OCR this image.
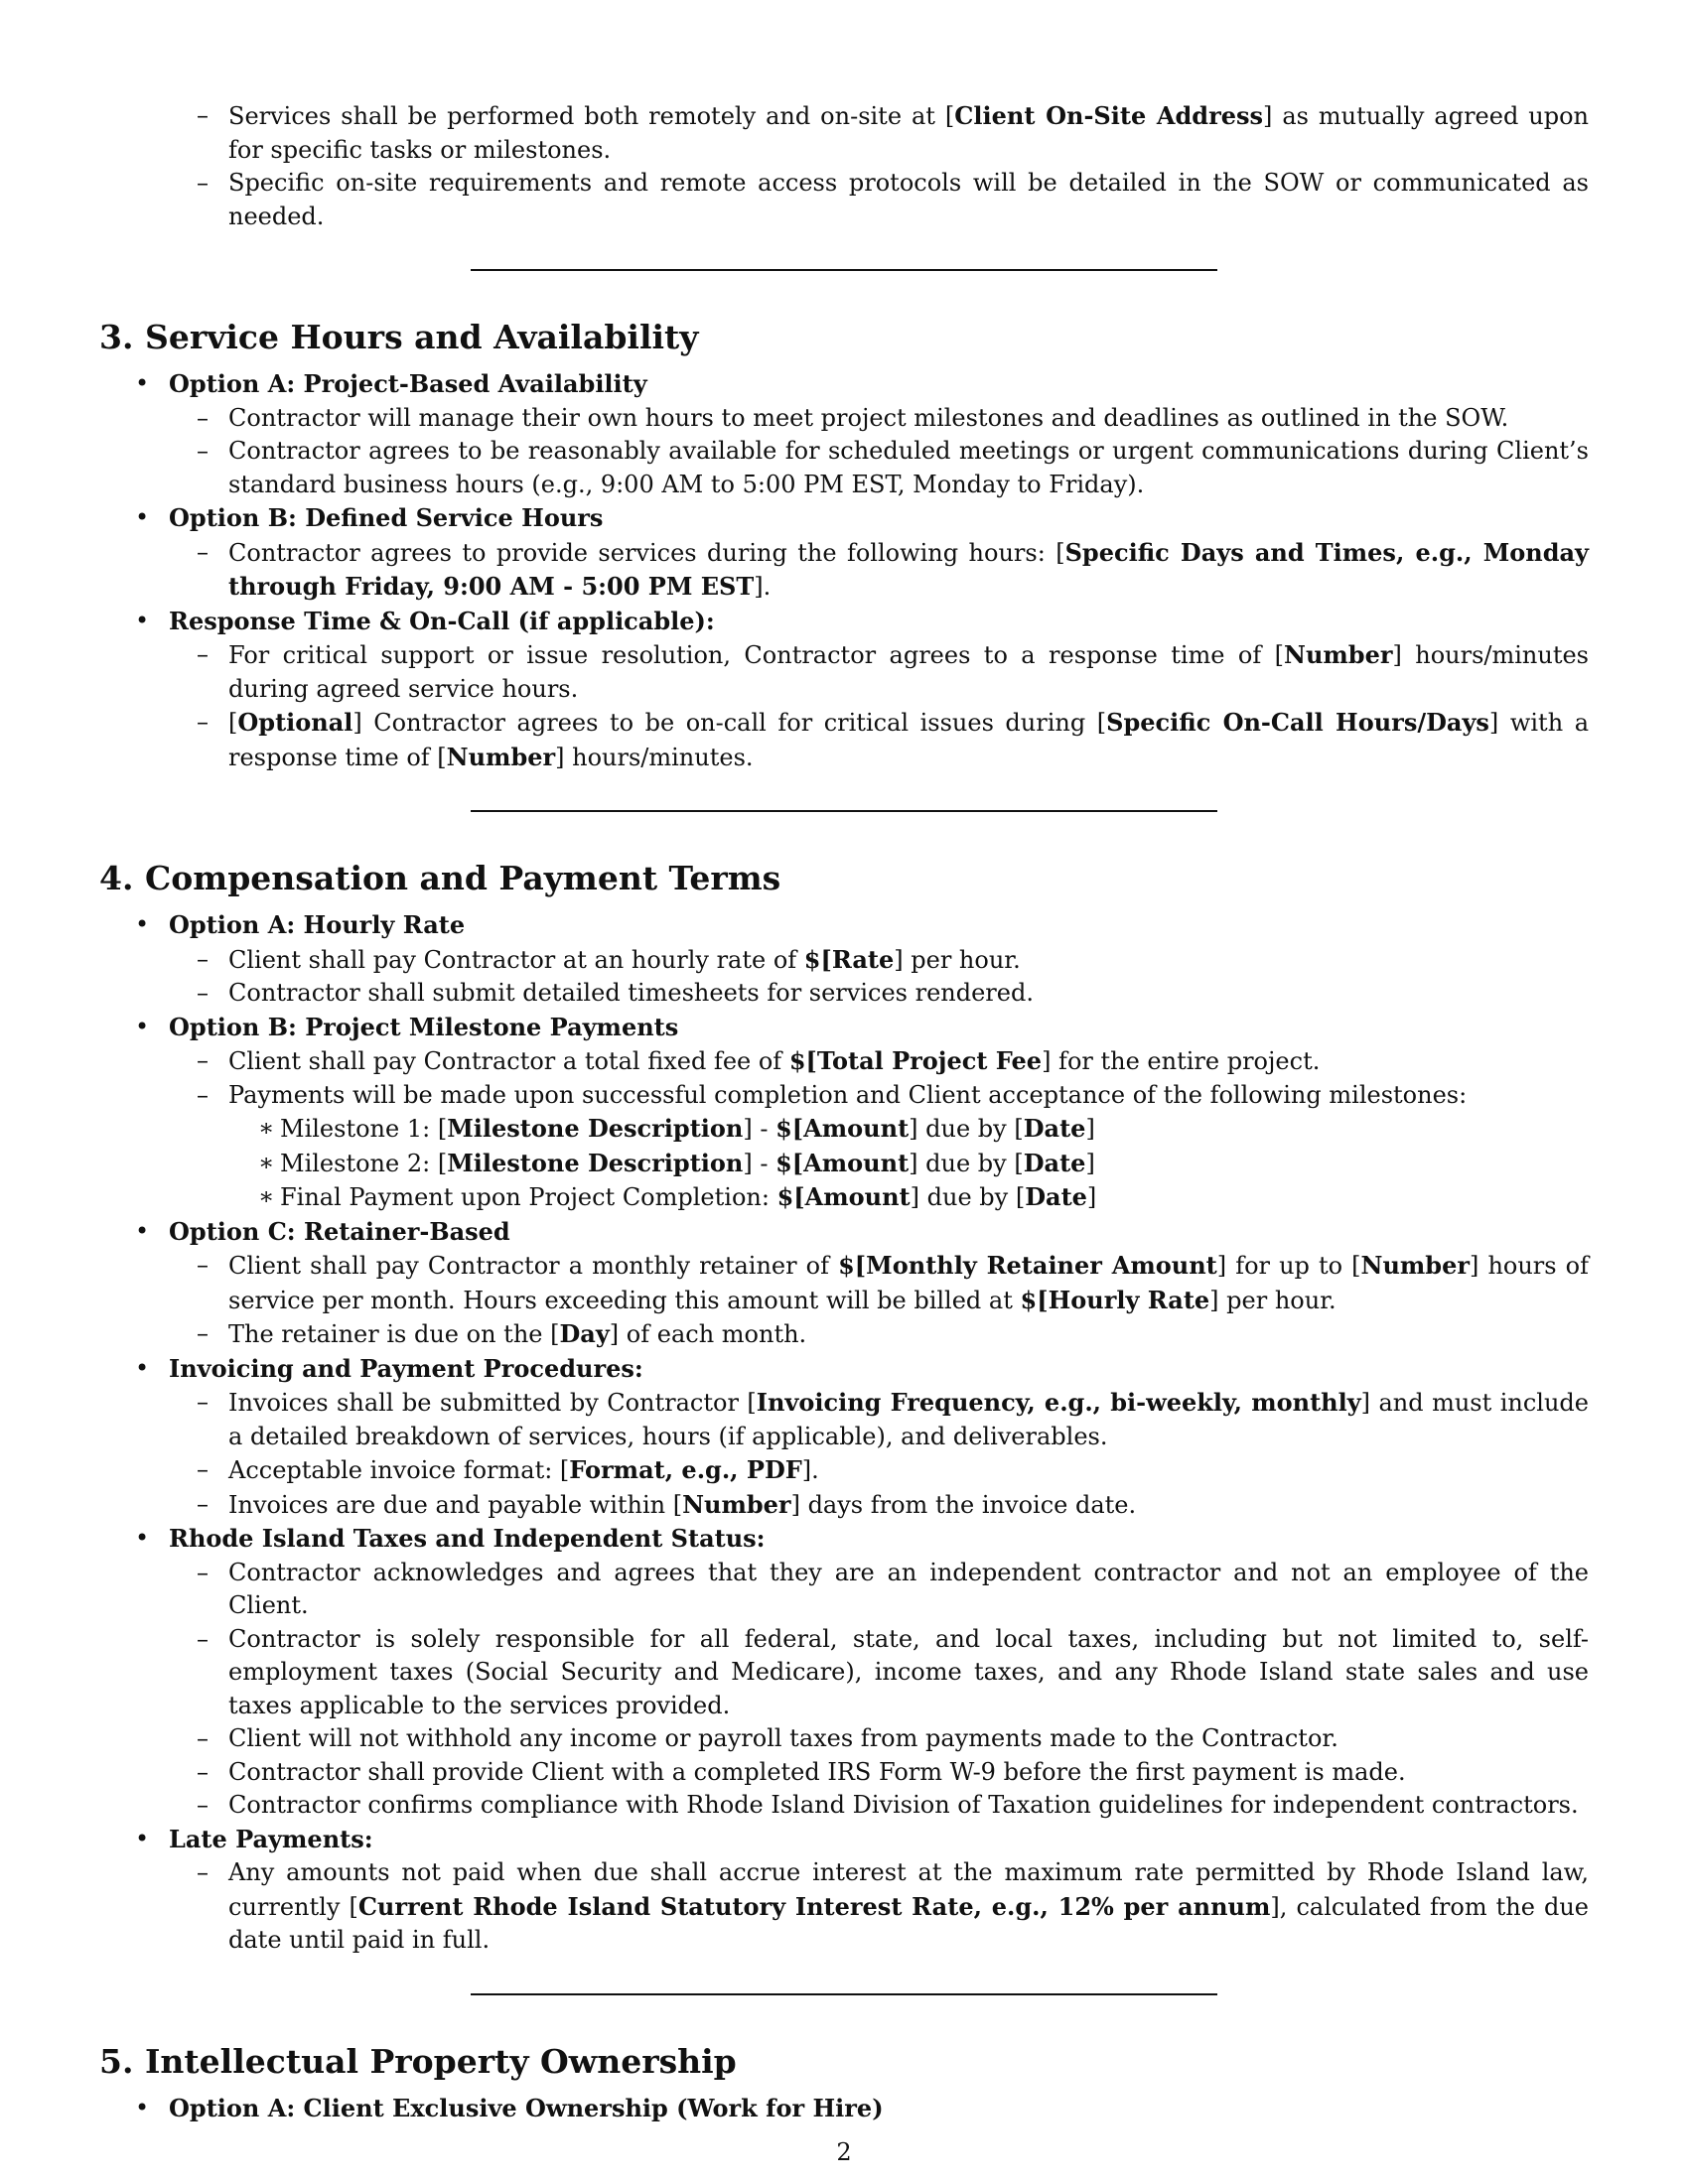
– Services shall be performed both remotely and on-site at [Client On-Site Address] as mutually agreed upon for specific tasks or milestones.
– Specific on-site requirements and remote access protocols will be detailed in the SOW or communicated as needed.
3. Service Hours and Availability
• Option A: Project-Based Availability
– Contractor will manage their own hours to meet project milestones and deadlines as outlined in the SOW.
– Contractor agrees to be reasonably available for scheduled meetings or urgent communications during Client’s standard business hours (e.g., 9:00 AM to 5:00 PM EST, Monday to Friday).
• Option B: Defined Service Hours
– Contractor agrees to provide services during the following hours: [Specific Days and Times, e.g., Monday through Friday, 9:00 AM - 5:00 PM EST].
• Response Time & On-Call (if applicable):
– For critical support or issue resolution, Contractor agrees to a response time of [Number] hours/minutes during agreed service hours.
– [Optional] Contractor agrees to be on-call for critical issues during [Specific On-Call Hours/Days] with a response time of [Number] hours/minutes.
4. Compensation and Payment Terms
• Option A: Hourly Rate
– Client shall pay Contractor at an hourly rate of $[Rate] per hour.
– Contractor shall submit detailed timesheets for services rendered.
• Option B: Project Milestone Payments
– Client shall pay Contractor a total fixed fee of $[Total Project Fee] for the entire project.
– Payments will be made upon successful completion and Client acceptance of the following milestones:
∗ Milestone 1: [Milestone Description] - $[Amount] due by [Date]
∗ Milestone 2: [Milestone Description] - $[Amount] due by [Date]
∗ Final Payment upon Project Completion: $[Amount] due by [Date]
• Option C: Retainer-Based
– Client shall pay Contractor a monthly retainer of $[Monthly Retainer Amount] for up to [Number] hours of service per month. Hours exceeding this amount will be billed at $[Hourly Rate] per hour.
– The retainer is due on the [Day] of each month.
• Invoicing and Payment Procedures:
– Invoices shall be submitted by Contractor [Invoicing Frequency, e.g., bi-weekly, monthly] and must include a detailed breakdown of services, hours (if applicable), and deliverables.
– Acceptable invoice format: [Format, e.g., PDF].
– Invoices are due and payable within [Number] days from the invoice date.
• Rhode Island Taxes and Independent Status:
– Contractor acknowledges and agrees that they are an independent contractor and not an employee of the Client.
– Contractor is solely responsible for all federal, state, and local taxes, including but not limited to, self-employment taxes (Social Security and Medicare), income taxes, and any Rhode Island state sales and use taxes applicable to the services provided.
– Client will not withhold any income or payroll taxes from payments made to the Contractor.
– Contractor shall provide Client with a completed IRS Form W-9 before the first payment is made.
– Contractor confirms compliance with Rhode Island Division of Taxation guidelines for independent contractors.
• Late Payments:
– Any amounts not paid when due shall accrue interest at the maximum rate permitted by Rhode Island law, currently [Current Rhode Island Statutory Interest Rate, e.g., 12% per annum], calculated from the due date until paid in full.
5. Intellectual Property Ownership
• Option A: Client Exclusive Ownership (Work for Hire)
2
